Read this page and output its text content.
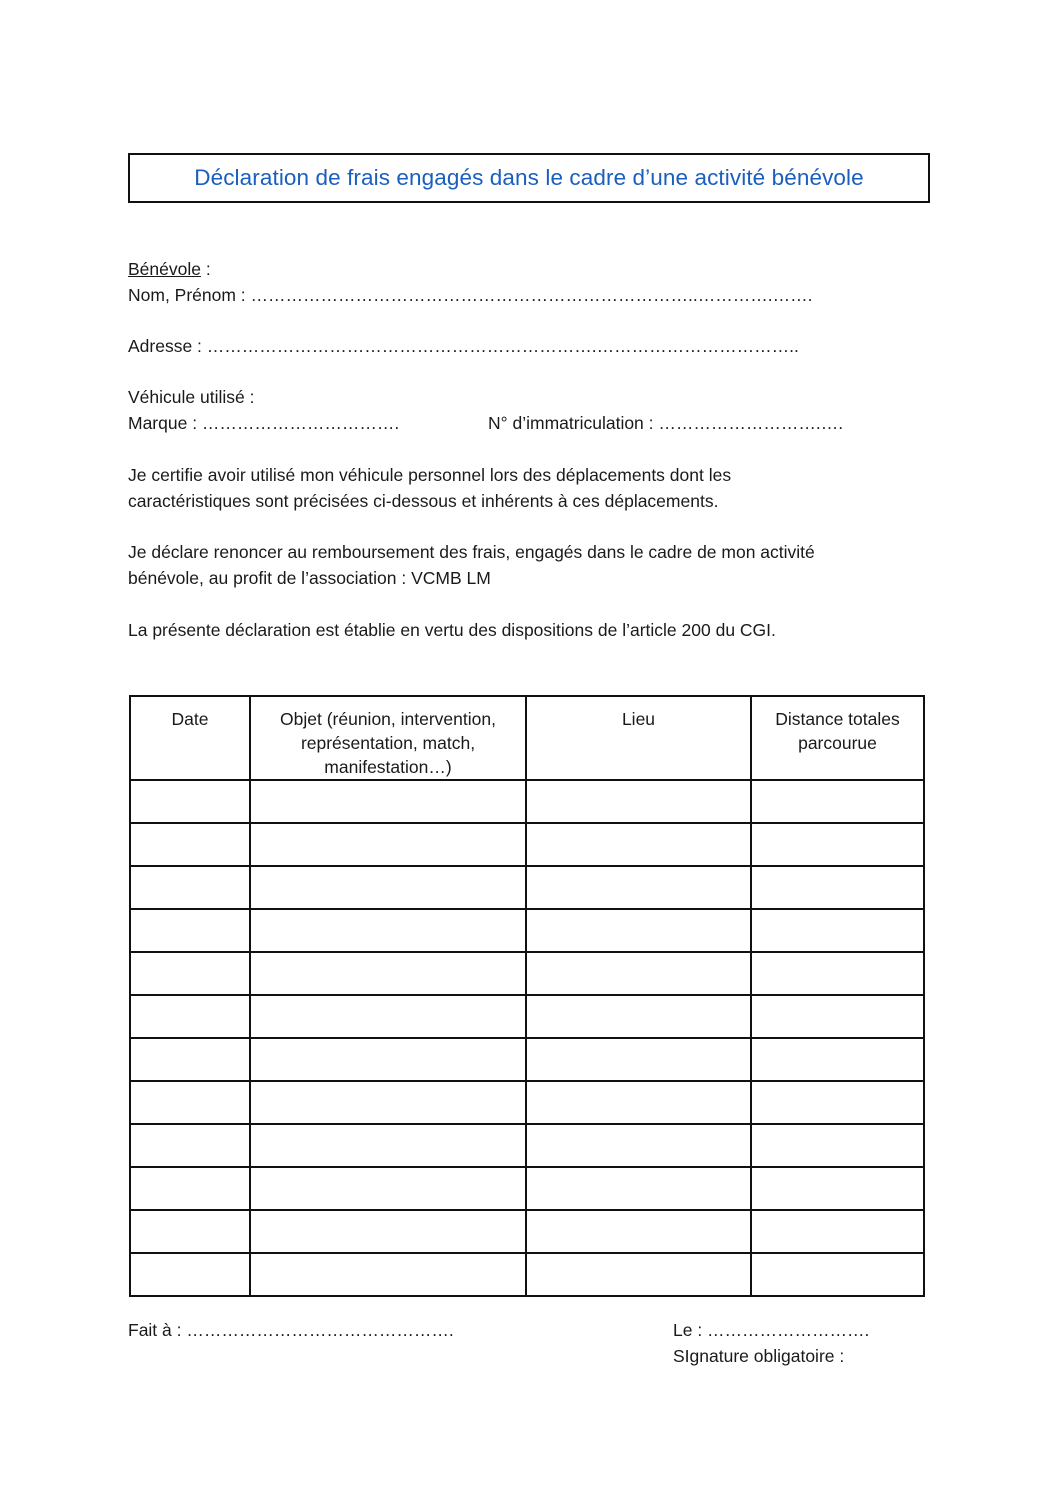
Déclaration de frais engagés dans le cadre d’une activité bénévole
Bénévole :
Nom, Prénom : …………………………………………………………………..………….…….
Adresse : ………………………………………………………….……………………………..
Véhicule utilisé :
Marque : …………………………….	N° d’immatriculation : ……………………….….
Je certifie avoir utilisé mon véhicule personnel lors des déplacements dont les
caractéristiques sont précisées ci-dessous et inhérents à ces déplacements.
Je déclare renoncer au remboursement des frais, engagés dans le cadre de mon activité
bénévole, au profit de l’association : VCMB LM
La présente déclaration est établie en vertu des dispositions de l’article 200 du CGI.
Date	Objet (réunion, intervention,
représentation, match,
manifestation…)	Lieu	Distance totales
parcourue

Fait à : ……………………………………….	Le : ……………………….
SIgnature obligatoire :
